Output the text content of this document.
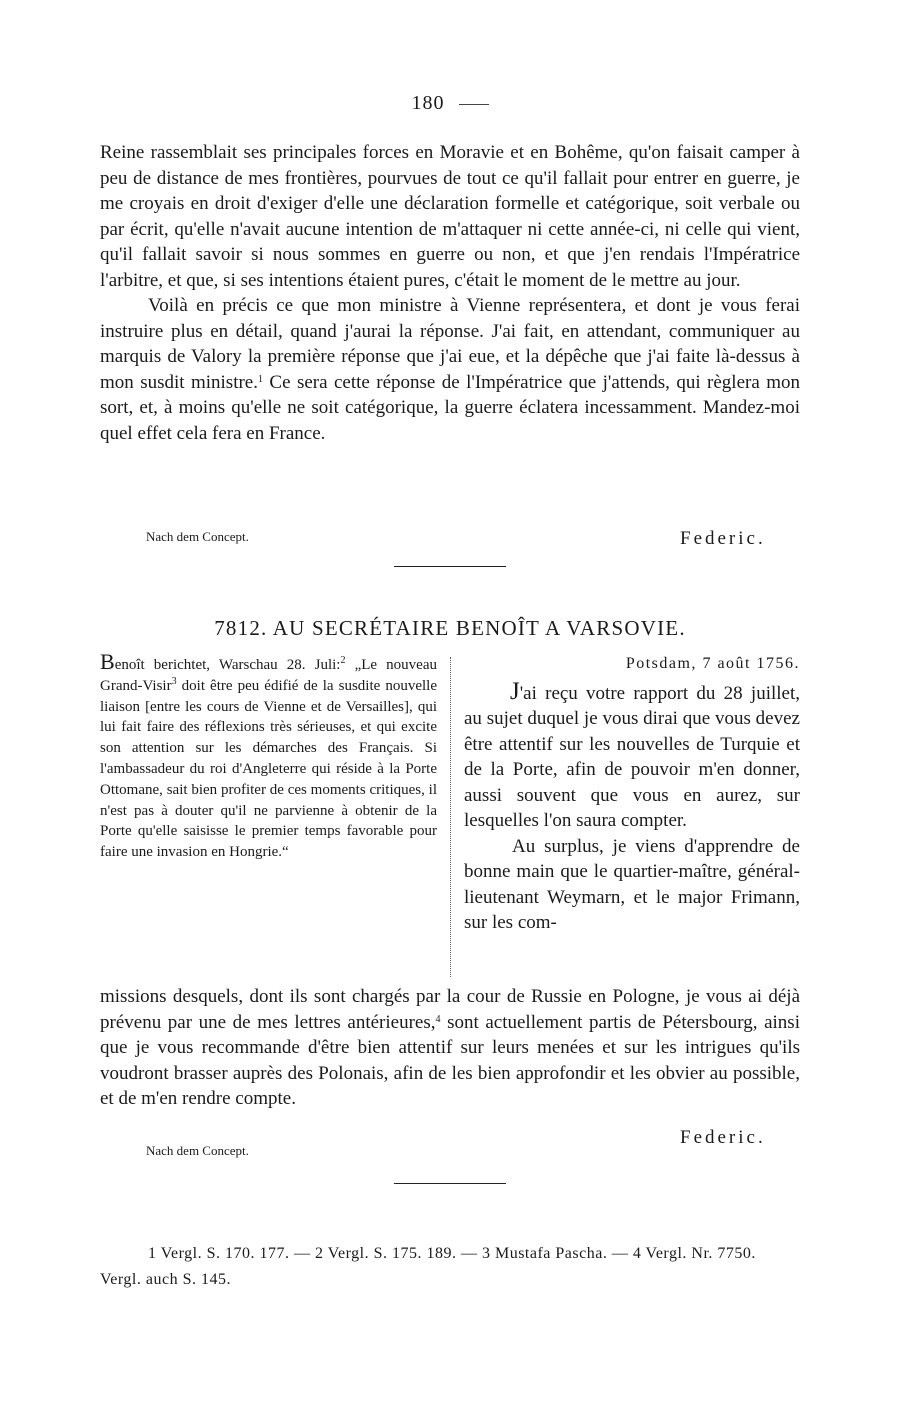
180

Reine rassemblait ses principales forces en Moravie et en Bohême, qu'on faisait camper à peu de distance de mes frontières, pourvues de tout ce qu'il fallait pour entrer en guerre, je me croyais en droit d'exiger d'elle une déclaration formelle et catégorique, soit verbale ou par écrit, qu'elle n'avait aucune intention de m'attaquer ni cette année-ci, ni celle qui vient, qu'il fallait savoir si nous sommes en guerre ou non, et que j'en rendais l'Impératrice l'arbitre, et que, si ses intentions étaient pures, c'était le moment de le mettre au jour.

Voilà en précis ce que mon ministre à Vienne représentera, et dont je vous ferai instruire plus en détail, quand j'aurai la réponse. J'ai fait, en attendant, communiquer au marquis de Valory la première réponse que j'ai eue, et la dépêche que j'ai faite là-dessus à mon susdit ministre.$^1$ Ce sera cette réponse de l'Impératrice que j'attends, qui règlera mon sort, et, à moins qu'elle ne soit catégorique, la guerre éclatera incessamment. Mandez-moi quel effet cela fera en France.

Nach dem Concept.	Federic.
7812. AU SECRÉTAIRE BENOÎT A VARSOVIE.

Benoît berichtet, Warschau 28. Juli:$^2$ „Le nouveau Grand-Visir$^3$ doit être peu édifié de la susdite nouvelle liaison [entre les cours de Vienne et de Versailles], qui lui fait faire des réflexions très sérieuses, et qui excite son attention sur les démarches des Français. Si l'ambassadeur du roi d'Angleterre qui réside à la Porte Ottomane, sait bien profiter de ces moments critiques, il n'est pas à douter qu'il ne parvienne à obtenir de la Porte qu'elle saisisse le premier temps favorable pour faire une invasion en Hongrie.“

Potsdam, 7 août 1756.

J'ai reçu votre rapport du 28 juillet, au sujet duquel je vous dirai que vous devez être attentif sur les nouvelles de Turquie et de la Porte, afin de pouvoir m'en donner, aussi souvent que vous en aurez, sur lesquelles l'on saura compter.

Au surplus, je viens d'apprendre de bonne main que le quartier-maître, général-lieutenant Weymarn, et le major Frimann, sur les com-

missions desquels, dont ils sont chargés par la cour de Russie en Pologne, je vous ai déjà prévenu par une de mes lettres antérieures,$^4$ sont actuellement partis de Pétersbourg, ainsi que je vous recommande d'être bien attentif sur leurs menées et sur les intrigues qu'ils voudront brasser auprès des Polonais, afin de les bien approfondir et les obvier au possible, et de m'en rendre compte.

Nach dem Concept.
Federic.

1 Vergl. S. 170. 177. — 2 Vergl. S. 175. 189. — 3 Mustafa Pascha. — 4 Vergl. Nr. 7750. Vergl. auch S. 145.
